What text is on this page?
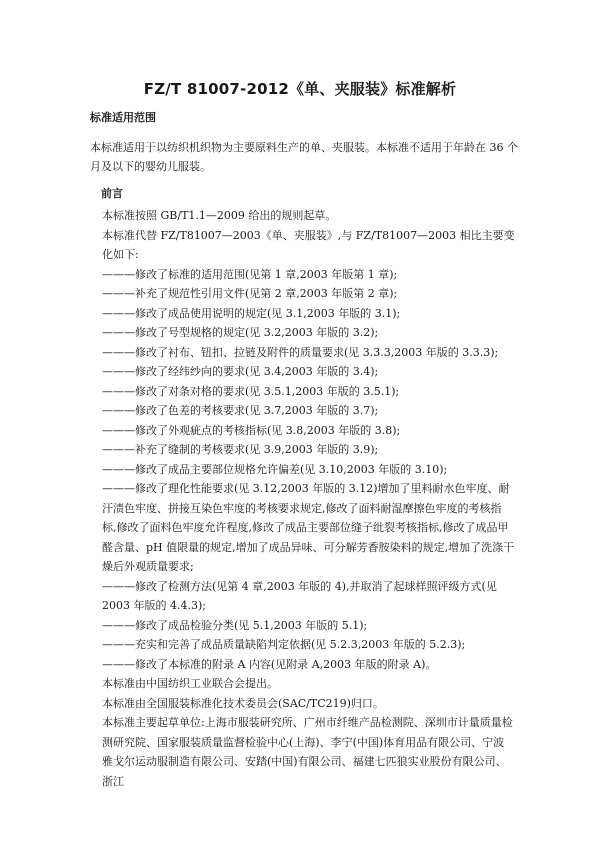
FZ/T 81007-2012《单、夹服装》标准解析
标准适用范围

本标准适用于以纺织机织物为主要原料生产的单、夹服装。本标准不适用于年龄在 36 个月及以下的婴幼儿服装。

前言

本标准按照 GB/T1.1—2009 给出的规则起草。

本标准代替 FZ/T81007—2003《单、夹服装》,与 FZ/T81007—2003 相比主要变化如下:

———修改了标准的适用范围(见第 1 章,2003 年版第 1 章);

———补充了规范性引用文件(见第 2 章,2003 年版第 2 章);

———修改了成品使用说明的规定(见 3.1,2003 年版的 3.1);

———修改了号型规格的规定(见 3.2,2003 年版的 3.2);

———修改了衬布、钮扣、拉链及附件的质量要求(见 3.3.3,2003 年版的 3.3.3);

———修改了经纬纱向的要求(见 3.4,2003 年版的 3.4);

———修改了对条对格的要求(见 3.5.1,2003 年版的 3.5.1);

———修改了色差的考核要求(见 3.7,2003 年版的 3.7);

———修改了外观疵点的考核指标(见 3.8,2003 年版的 3.8);

———补充了缝制的考核要求(见 3.9,2003 年版的 3.9);

———修改了成品主要部位规格允许偏差(见 3.10,2003 年版的 3.10);

———修改了理化性能要求(见 3.12,2003 年版的 3.12)增加了里料耐水色牢度、耐汗渍色牢度、拼接互染色牢度的考核要求规定,修改了面料耐湿摩擦色牢度的考核指标,修改了面料色牢度允许程度,修改了成品主要部位缝子纰裂考核指标,修改了成品甲醛含量、pH 值限量的规定,增加了成品异味、可分解芳香胺染料的规定,增加了洗涤干燥后外观质量要求;

———修改了检测方法(见第 4 章,2003 年版的 4),并取消了起球样照评级方式(见 2003 年版的 4.4.3);

———修改了成品检验分类(见 5.1,2003 年版的 5.1);

———充实和完善了成品质量缺陷判定依据(见 5.2.3,2003 年版的 5.2.3);

———修改了本标准的附录 A 内容(见附录 A,2003 年版的附录 A)。

本标准由中国纺织工业联合会提出。

本标准由全国服装标准化技术委员会(SAC/TC219)归口。

本标准主要起草单位:上海市服装研究所、广州市纤维产品检测院、深圳市计量质量检测研究院、国家服装质量监督检验中心(上海)、李宁(中国)体育用品有限公司、宁波雅戈尔运动服制造有限公司、安踏(中国)有限公司、福建七匹狼实业股份有限公司、浙江
